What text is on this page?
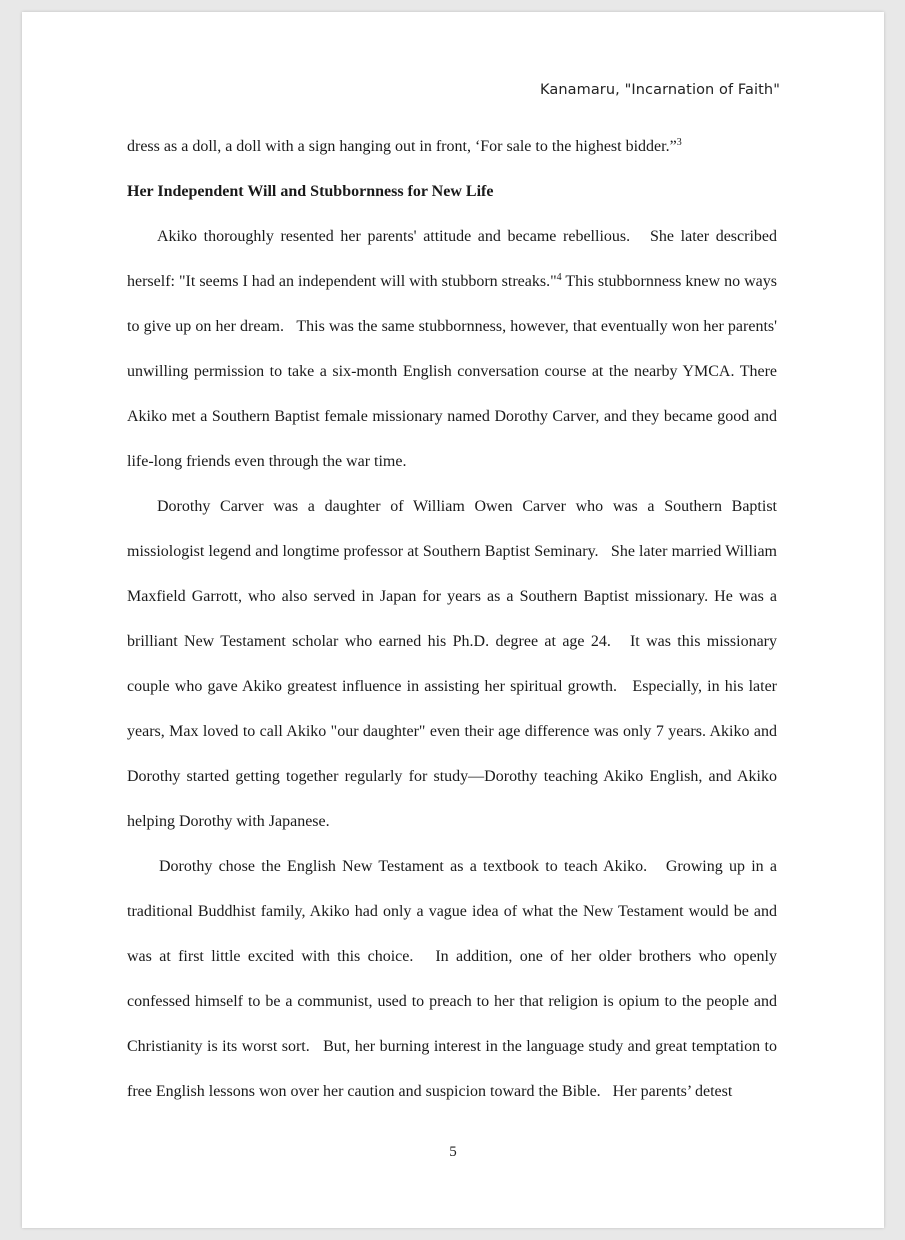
Kanamaru, "Incarnation of Faith"

dress as a doll, a doll with a sign hanging out in front, ‘For sale to the highest bidder.”$^3$

Her Independent Will and Stubbornness for New Life

Akiko thoroughly resented her parents' attitude and became rebellious.   She later described herself: "It seems I had an independent will with stubborn streaks."$^4$ This stubbornness knew no ways to give up on her dream.   This was the same stubbornness, however, that eventually won her parents' unwilling permission to take a six-month English conversation course at the nearby YMCA. There Akiko met a Southern Baptist female missionary named Dorothy Carver, and they became good and life-long friends even through the war time.

Dorothy Carver was a daughter of William Owen Carver who was a Southern Baptist missiologist legend and longtime professor at Southern Baptist Seminary.   She later married William Maxfield Garrott, who also served in Japan for years as a Southern Baptist missionary. He was a brilliant New Testament scholar who earned his Ph.D. degree at age 24.   It was this missionary couple who gave Akiko greatest influence in assisting her spiritual growth.   Especially, in his later years, Max loved to call Akiko "our daughter" even their age difference was only 7 years. Akiko and Dorothy started getting together regularly for study—Dorothy teaching Akiko English, and Akiko helping Dorothy with Japanese.

Dorothy chose the English New Testament as a textbook to teach Akiko.   Growing up in a traditional Buddhist family, Akiko had only a vague idea of what the New Testament would be and was at first little excited with this choice.   In addition, one of her older brothers who openly confessed himself to be a communist, used to preach to her that religion is opium to the people and Christianity is its worst sort.   But, her burning interest in the language study and great temptation to free English lessons won over her caution and suspicion toward the Bible.   Her parents’ detest

5
